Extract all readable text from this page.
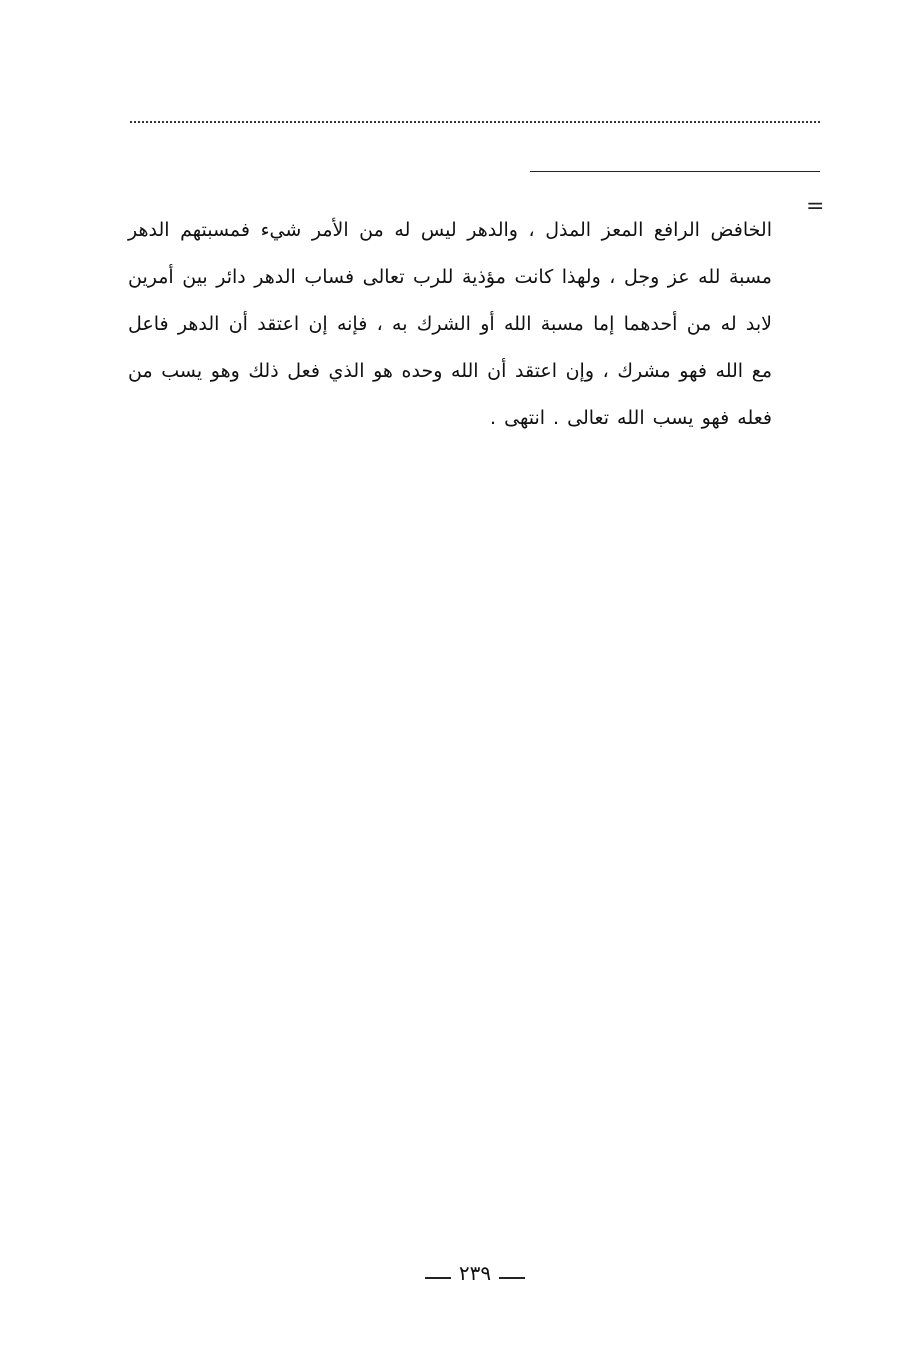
=

الخافض الرافع المعز المذل ، والدهر ليس له من الأمر شيء فمسبتهم الدهر مسبة لله عز وجل ، ولهذا كانت مؤذية للرب تعالى فساب الدهر دائر بين أمرين لابد له من أحدهما إما مسبة الله أو الشرك به ، فإنه إن اعتقد أن الدهر فاعل مع الله فهو مشرك ، وإن اعتقد أن الله وحده هو الذي فعل ذلك وهو يسب من فعله فهو يسب الله تعالى . انتهى .

٢٣٩
